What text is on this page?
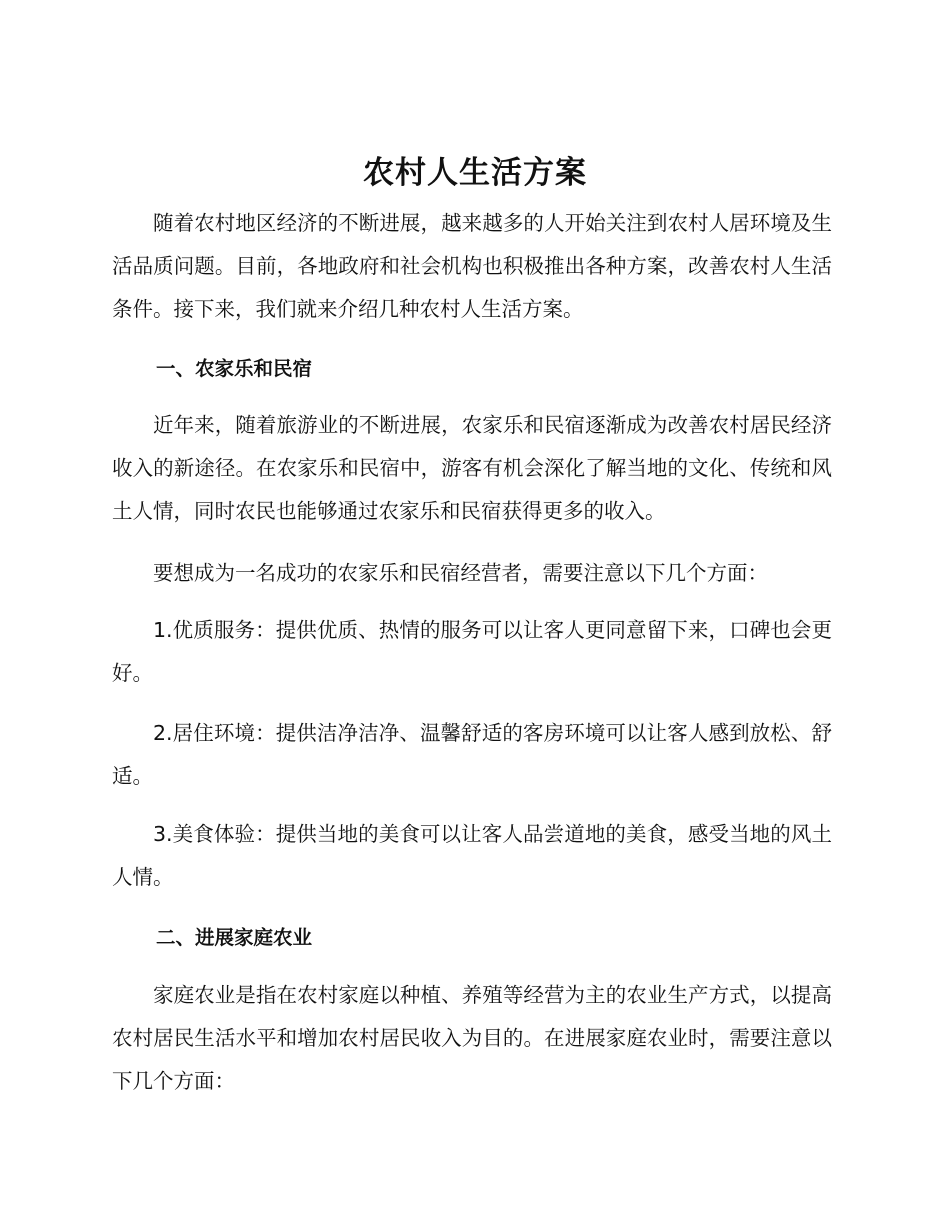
农村人生活方案

随着农村地区经济的不断进展，越来越多的人开始关注到农村人居环境及生活品质问题。目前，各地政府和社会机构也积极推出各种方案，改善农村人生活条件。接下来，我们就来介绍几种农村人生活方案。

一、农家乐和民宿

近年来，随着旅游业的不断进展，农家乐和民宿逐渐成为改善农村居民经济收入的新途径。在农家乐和民宿中，游客有机会深化了解当地的文化、传统和风土人情，同时农民也能够通过农家乐和民宿获得更多的收入。

要想成为一名成功的农家乐和民宿经营者，需要注意以下几个方面：

1.优质服务：提供优质、热情的服务可以让客人更同意留下来，口碑也会更好。

2.居住环境：提供洁净洁净、温馨舒适的客房环境可以让客人感到放松、舒适。

3.美食体验：提供当地的美食可以让客人品尝道地的美食，感受当地的风土人情。

二、进展家庭农业

家庭农业是指在农村家庭以种植、养殖等经营为主的农业生产方式，以提高农村居民生活水平和增加农村居民收入为目的。在进展家庭农业时，需要注意以下几个方面：
